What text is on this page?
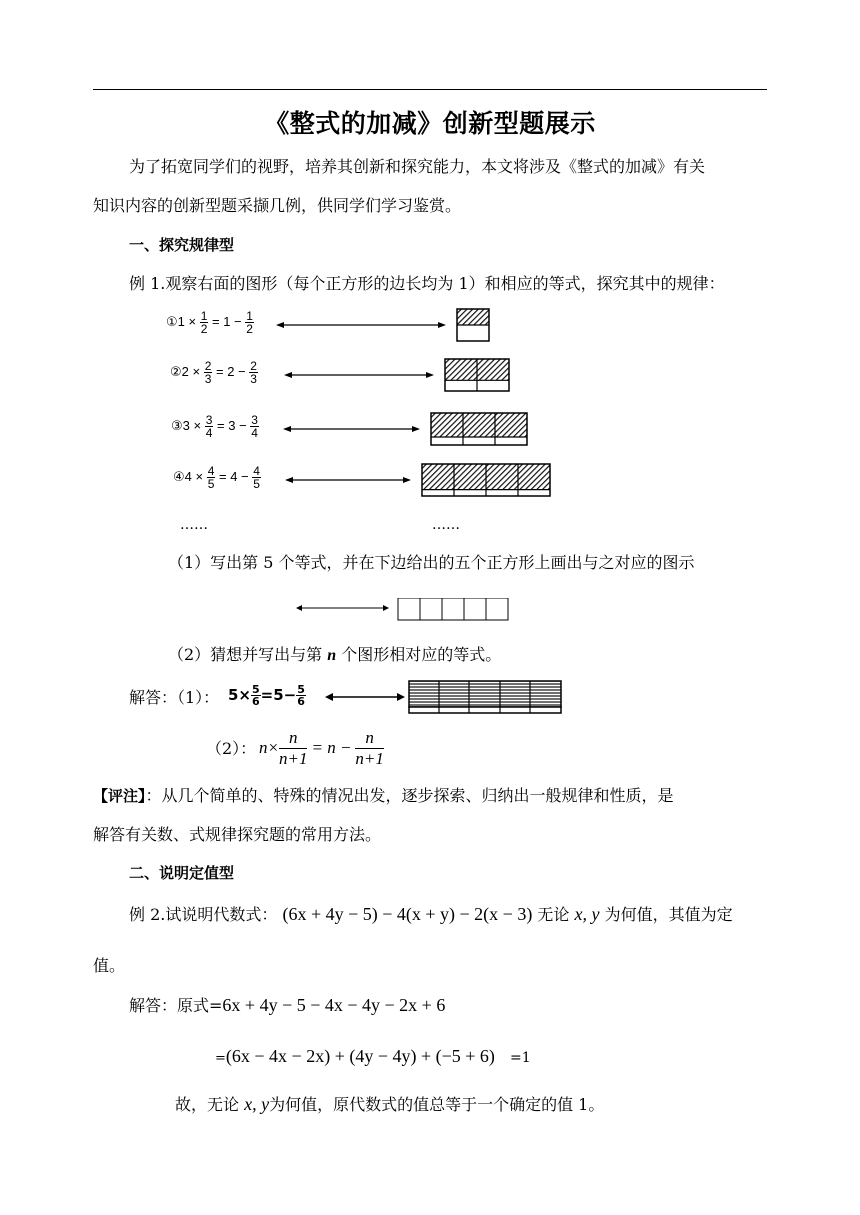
《整式的加减》创新型题展示
为了拓宽同学们的视野，培养其创新和探究能力，本文将涉及《整式的加减》有关
知识内容的创新型题采撷几例，供同学们学习鉴赏。
一、探究规律型
例 1.观察右面的图形（每个正方形的边长均为 1）和相应的等式，探究其中的规律：
①1 × $\frac{1}{2} = 1 - \frac{1}{2}$
②2 × $\frac{2}{3} = 2 - \frac{2}{3}$
③3 × $\frac{3}{4} = 3 - \frac{3}{4}$
④4 × $\frac{4}{5} = 4 - \frac{4}{5}$
……	……
（1）写出第 5 个等式，并在下边给出的五个正方形上画出与之对应的图示
（2）猜想并写出与第 n 个图形相对应的等式。
解答：（1）： $5\times \frac{5}{6} =5- \frac{5}{6}$
（2）： $n\times \frac{n}{n+1} = n - \frac{n}{n+1}$
【评注】：从几个简单的、特殊的情况出发，逐步探索、归纳出一般规律和性质，是
解答有关数、式规律探究题的常用方法。
二、说明定值型
例 2.试说明代数式： (6x + 4y − 5) − 4(x + y) − 2(x − 3) 无论 x, y 为何值，其值为定
值。
解答：原式=6x + 4y − 5 − 4x − 4y − 2x + 6
=(6x − 4x − 2x) + (4y − 4y) + (−5 + 6) =1
故，无论 x, y为何值，原代数式的值总等于一个确定的值 1。
